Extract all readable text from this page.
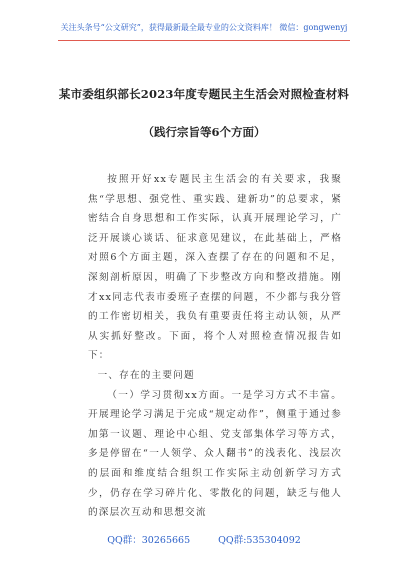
关注头条号“公文研究”，获得最新最全最专业的公文资料库！ 微信：gongwenyj
某市委组织部长2023年度专题民主生活会对照检查材料
（践行宗旨等6个方面）

按照开好xx专题民主生活会的有关要求，我聚焦“学思想、强党性、重实践、建新功”的总要求，紧密结合自身思想和工作实际，认真开展理论学习，广泛开展谈心谈话、征求意见建议，在此基础上，严格对照6个方面主题，深入查摆了存在的问题和不足，深刻剖析原因，明确了下步整改方向和整改措施。刚才xx同志代表市委班子查摆的问题，不少都与我分管的工作密切相关，我负有重要责任将主动认领，从严从实抓好整改。下面，将个人对照检查情况报告如下：

一、存在的主要问题

（一）学习贯彻xx方面。一是学习方式不丰富。开展理论学习满足于完成“规定动作”，侧重于通过参加第一议题、理论中心组、党支部集体学习等方式，多是停留在“一人领学、众人翻书”的浅表化、浅层次的层面和维度结合组织工作实际主动创新学习方式少，仍存在学习碎片化、零散化的问题，缺乏与他人的深层次互动和思想交流

QQ群：30265665	QQ群:535304092
